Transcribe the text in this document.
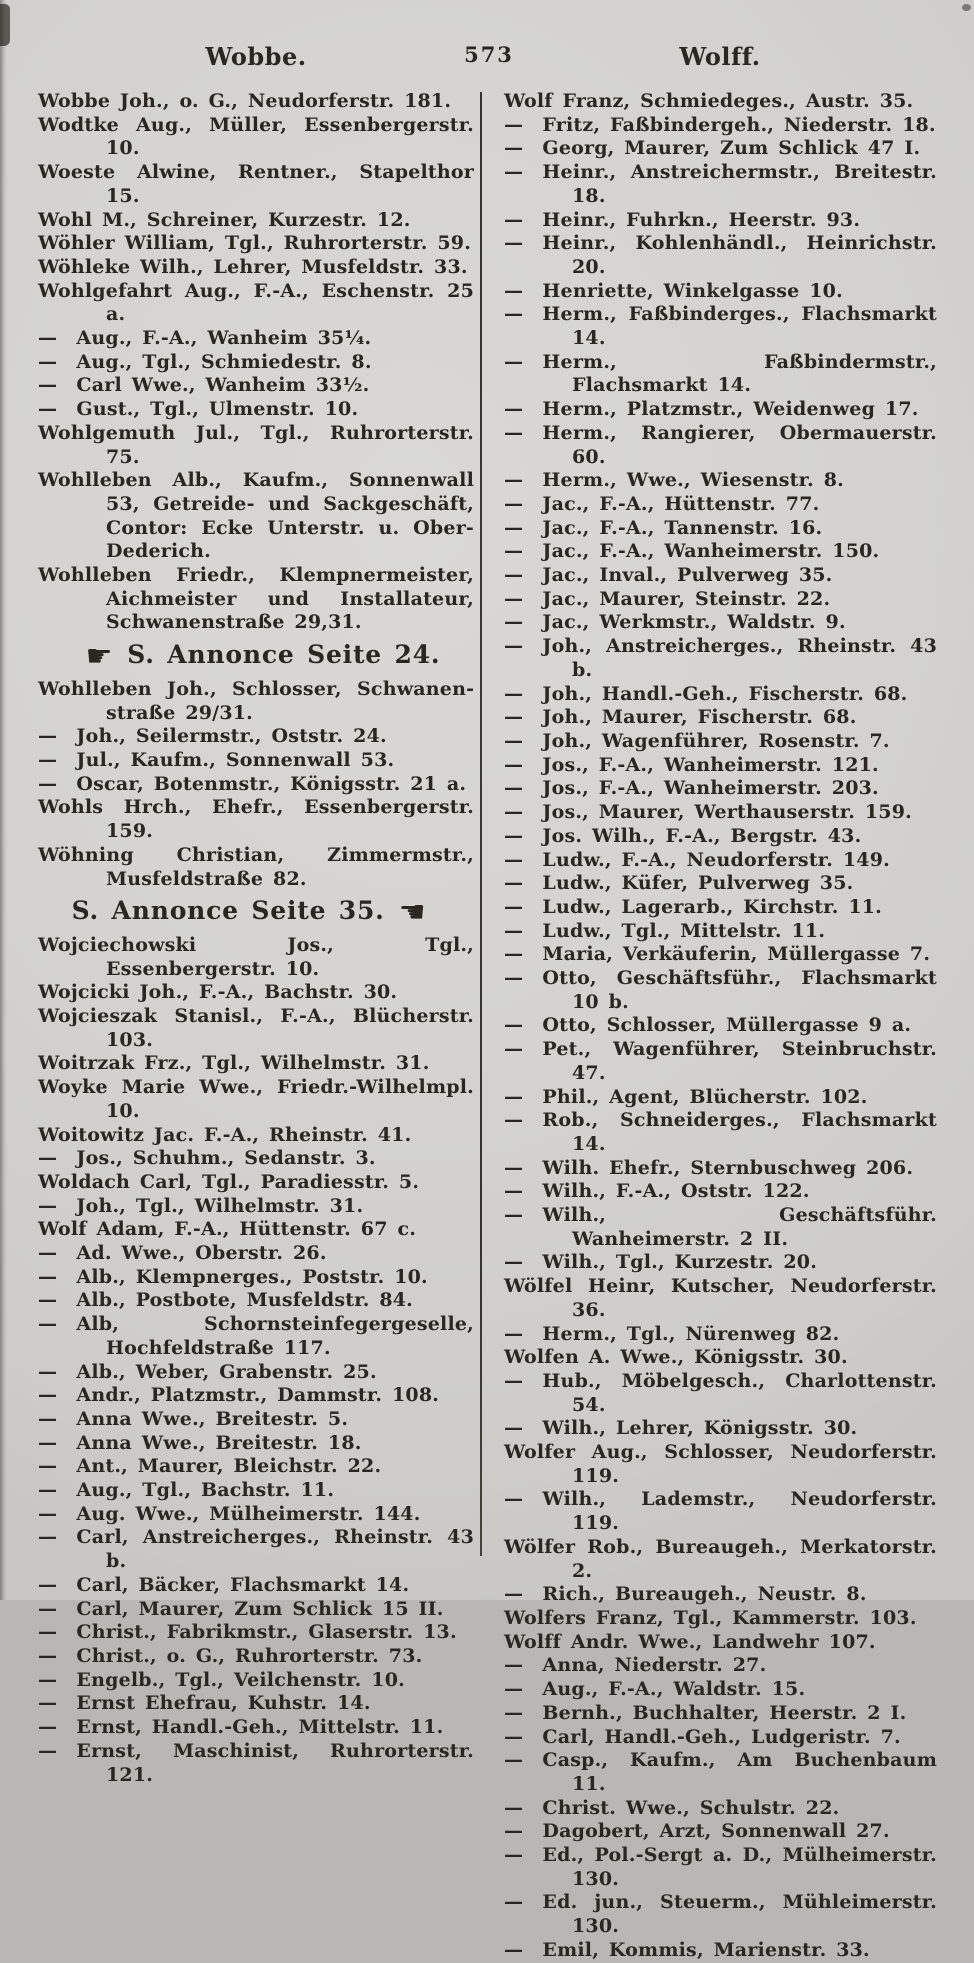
Wobbe.	573	Wolff.
Wobbe Joh., o. G., Neudorferstr. 181.
Wodtke Aug., Müller, Essenbergerstr. 10.
Woeste Alwine, Rentner., Stapelthor 15.
Wohl M., Schreiner, Kurzestr. 12.
Wöhler William, Tgl., Ruhrorterstr. 59.
Wöhleke Wilh., Lehrer, Musfeldstr. 33.
Wohlgefahrt Aug., F.-A., Eschenstr. 25 a.
— Aug., F.-A., Wanheim 35¼.
— Aug., Tgl., Schmiedestr. 8.
— Carl Wwe., Wanheim 33½.
— Gust., Tgl., Ulmenstr. 10.
Wohlgemuth Jul., Tgl., Ruhrorterstr. 75.
Wohlleben Alb., Kaufm., Sonnenwall 53, Getreide- und Sackgeschäft, Contor: Ecke Unterstr. u. Ober-Dederich.
Wohlleben Friedr., Klempnermeister, Aichmeister und Installateur, Schwanenstraße 29,31.
☛ S. Annonce Seite 24.
Wohlleben Joh., Schlosser, Schwanenstraße 29/31.
— Joh., Seilermstr., Oststr. 24.
— Jul., Kaufm., Sonnenwall 53.
— Oscar, Botenmstr., Königsstr. 21 a.
Wohls Hrch., Ehefr., Essenbergerstr. 159.
Wöhning Christian, Zimmermstr., Musfeldstraße 82.
S. Annonce Seite 35. ☚
Wojciechowski Jos., Tgl., Essenbergerstr. 10.
Wojcicki Joh., F.-A., Bachstr. 30.
Wojcieszak Stanisl., F.-A., Blücherstr. 103.
Woitrzak Frz., Tgl., Wilhelmstr. 31.
Woyke Marie Wwe., Friedr.-Wilhelmpl. 10.
Woitowitz Jac. F.-A., Rheinstr. 41.
— Jos., Schuhm., Sedanstr. 3.
Woldach Carl, Tgl., Paradiesstr. 5.
— Joh., Tgl., Wilhelmstr. 31.
Wolf Adam, F.-A., Hüttenstr. 67 c.
— Ad. Wwe., Oberstr. 26.
— Alb., Klempnerges., Poststr. 10.
— Alb., Postbote, Musfeldstr. 84.
— Alb, Schornsteinfegergeselle, Hochfeldstraße 117.
— Alb., Weber, Grabenstr. 25.
— Andr., Platzmstr., Dammstr. 108.
— Anna Wwe., Breitestr. 5.
— Anna Wwe., Breitestr. 18.
— Ant., Maurer, Bleichstr. 22.
— Aug., Tgl., Bachstr. 11.
— Aug. Wwe., Mülheimerstr. 144.
— Carl, Anstreicherges., Rheinstr. 43 b.
— Carl, Bäcker, Flachsmarkt 14.
— Carl, Maurer, Zum Schlick 15 II.
— Christ., Fabrikmstr., Glaserstr. 13.
— Christ., o. G., Ruhrorterstr. 73.
— Engelb., Tgl., Veilchenstr. 10.
— Ernst Ehefrau, Kuhstr. 14.
— Ernst, Handl.-Geh., Mittelstr. 11.
— Ernst, Maschinist, Ruhrorterstr. 121.
Wolf Franz, Schmiedeges., Austr. 35.
— Fritz, Faßbindergeh., Niederstr. 18.
— Georg, Maurer, Zum Schlick 47 I.
— Heinr., Anstreichermstr., Breitestr. 18.
— Heinr., Fuhrkn., Heerstr. 93.
— Heinr., Kohlenhändl., Heinrichstr. 20.
— Henriette, Winkelgasse 10.
— Herm., Faßbinderges., Flachsmarkt 14.
— Herm., Faßbindermstr., Flachsmarkt 14.
— Herm., Platzmstr., Weidenweg 17.
— Herm., Rangierer, Obermauerstr. 60.
— Herm., Wwe., Wiesenstr. 8.
— Jac., F.-A., Hüttenstr. 77.
— Jac., F.-A., Tannenstr. 16.
— Jac., F.-A., Wanheimerstr. 150.
— Jac., Inval., Pulverweg 35.
— Jac., Maurer, Steinstr. 22.
— Jac., Werkmstr., Waldstr. 9.
— Joh., Anstreicherges., Rheinstr. 43 b.
— Joh., Handl.-Geh., Fischerstr. 68.
— Joh., Maurer, Fischerstr. 68.
— Joh., Wagenführer, Rosenstr. 7.
— Jos., F.-A., Wanheimerstr. 121.
— Jos., F.-A., Wanheimerstr. 203.
— Jos., Maurer, Werthauserstr. 159.
— Jos. Wilh., F.-A., Bergstr. 43.
— Ludw., F.-A., Neudorferstr. 149.
— Ludw., Küfer, Pulverweg 35.
— Ludw., Lagerarb., Kirchstr. 11.
— Ludw., Tgl., Mittelstr. 11.
— Maria, Verkäuferin, Müllergasse 7.
— Otto, Geschäftsführ., Flachsmarkt 10 b.
— Otto, Schlosser, Müllergasse 9 a.
— Pet., Wagenführer, Steinbruchstr. 47.
— Phil., Agent, Blücherstr. 102.
— Rob., Schneiderges., Flachsmarkt 14.
— Wilh. Ehefr., Sternbuschweg 206.
— Wilh., F.-A., Oststr. 122.
— Wilh., Geschäftsführ. Wanheimerstr. 2 II.
— Wilh., Tgl., Kurzestr. 20.
Wölfel Heinr, Kutscher, Neudorferstr. 36.
— Herm., Tgl., Nürenweg 82.
Wolfen A. Wwe., Königsstr. 30.
— Hub., Möbelgesch., Charlottenstr. 54.
— Wilh., Lehrer, Königsstr. 30.
Wolfer Aug., Schlosser, Neudorferstr. 119.
— Wilh., Lademstr., Neudorferstr. 119.
Wölfer Rob., Bureaugeh., Merkatorstr. 2.
— Rich., Bureaugeh., Neustr. 8.
Wolfers Franz, Tgl., Kammerstr. 103.
Wolff Andr. Wwe., Landwehr 107.
— Anna, Niederstr. 27.
— Aug., F.-A., Waldstr. 15.
— Bernh., Buchhalter, Heerstr. 2 I.
— Carl, Handl.-Geh., Ludgeristr. 7.
— Casp., Kaufm., Am Buchenbaum 11.
— Christ. Wwe., Schulstr. 22.
— Dagobert, Arzt, Sonnenwall 27.
— Ed., Pol.-Sergt a. D., Mülheimerstr. 130.
— Ed. jun., Steuerm., Mühleimerstr. 130.
— Emil, Kommis, Marienstr. 33.
